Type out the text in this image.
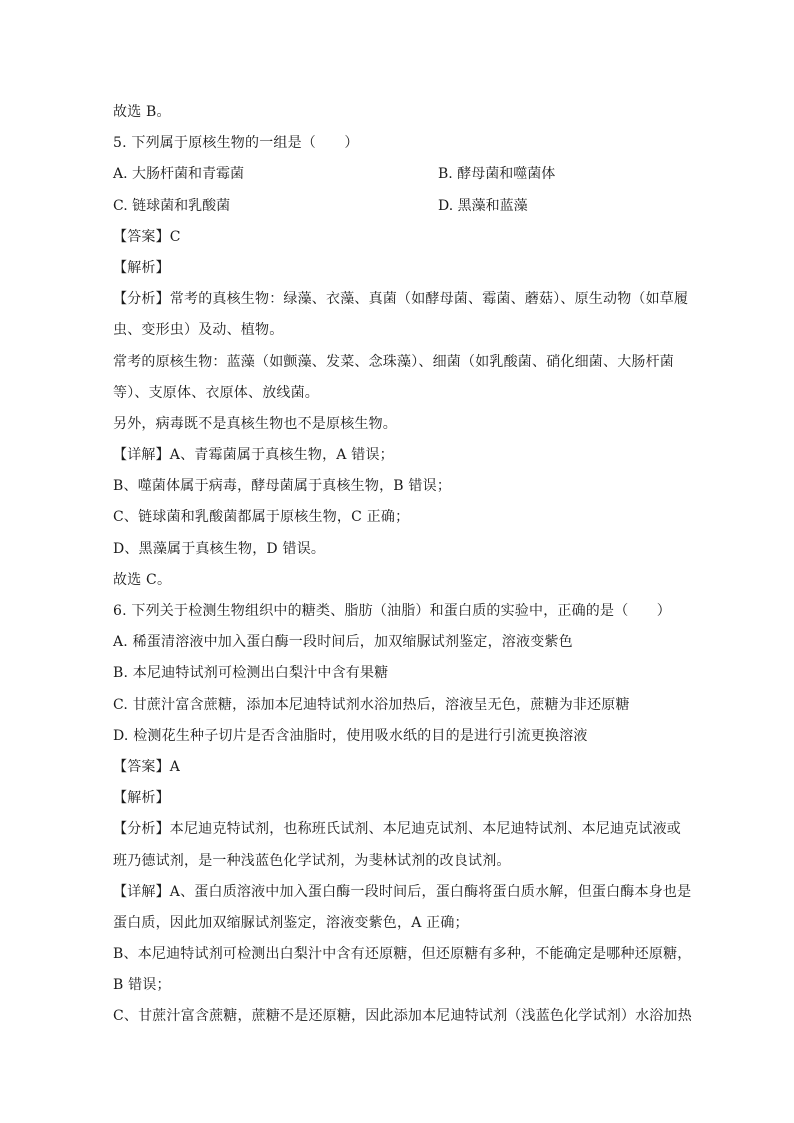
故选 B。
5. 下列属于原核生物的一组是（　　）
A. 大肠杆菌和青霉菌	B. 酵母菌和噬菌体
C. 链球菌和乳酸菌	D. 黑藻和蓝藻
【答案】C
【解析】
【分析】常考的真核生物：绿藻、衣藻、真菌（如酵母菌、霉菌、蘑菇）、原生动物（如草履
虫、变形虫）及动、植物。
常考的原核生物：蓝藻（如颤藻、发菜、念珠藻）、细菌（如乳酸菌、硝化细菌、大肠杆菌
等）、支原体、衣原体、放线菌。
另外，病毒既不是真核生物也不是原核生物。
【详解】A、青霉菌属于真核生物，A 错误；
B、噬菌体属于病毒，酵母菌属于真核生物，B 错误；
C、链球菌和乳酸菌都属于原核生物，C 正确；
D、黑藻属于真核生物，D 错误。
故选 C。
6. 下列关于检测生物组织中的糖类、脂肪（油脂）和蛋白质的实验中，正确的是（　　）
A. 稀蛋清溶液中加入蛋白酶一段时间后，加双缩脲试剂鉴定，溶液变紫色
B. 本尼迪特试剂可检测出白梨汁中含有果糖
C. 甘蔗汁富含蔗糖，添加本尼迪特试剂水浴加热后，溶液呈无色，蔗糖为非还原糖
D. 检测花生种子切片是否含油脂时，使用吸水纸的目的是进行引流更换溶液
【答案】A
【解析】
【分析】本尼迪克特试剂，也称班氏试剂、本尼迪克试剂、本尼迪特试剂、本尼迪克试液或
班乃德试剂，是一种浅蓝色化学试剂，为斐林试剂的改良试剂。
【详解】A、蛋白质溶液中加入蛋白酶一段时间后，蛋白酶将蛋白质水解，但蛋白酶本身也是
蛋白质，因此加双缩脲试剂鉴定，溶液变紫色，A 正确；
B、本尼迪特试剂可检测出白梨汁中含有还原糖，但还原糖有多种，不能确定是哪种还原糖，
B 错误；
C、甘蔗汁富含蔗糖，蔗糖不是还原糖，因此添加本尼迪特试剂（浅蓝色化学试剂）水浴加热
